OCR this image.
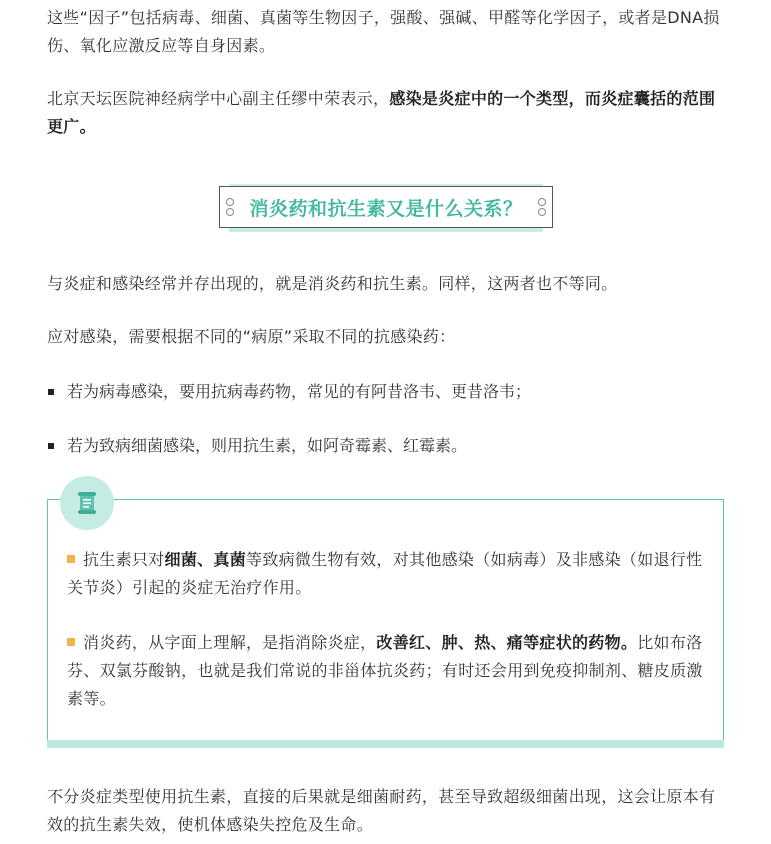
这些“因子”包括病毒、细菌、真菌等生物因子，强酸、强碱、甲醛等化学因子，或者是DNA损伤、氧化应激反应等自身因素。

北京天坛医院神经病学中心副主任缪中荣表示，感染是炎症中的一个类型，而炎症囊括的范围更广。

消炎药和抗生素又是什么关系？

与炎症和感染经常并存出现的，就是消炎药和抗生素。同样，这两者也不等同。

应对感染，需要根据不同的“病原”采取不同的抗感染药：

若为病毒感染，要用抗病毒药物，常见的有阿昔洛韦、更昔洛韦；
若为致病细菌感染，则用抗生素，如阿奇霉素、红霉素。

抗生素只对细菌、真菌等致病微生物有效，对其他感染（如病毒）及非感染（如退行性关节炎）引起的炎症无治疗作用。

消炎药，从字面上理解，是指消除炎症，改善红、肿、热、痛等症状的药物。比如布洛芬、双氯芬酸钠，也就是我们常说的非甾体抗炎药；有时还会用到免疫抑制剂、糖皮质激素等。

不分炎症类型使用抗生素，直接的后果就是细菌耐药，甚至导致超级细菌出现，这会让原本有效的抗生素失效，使机体感染失控危及生命。
